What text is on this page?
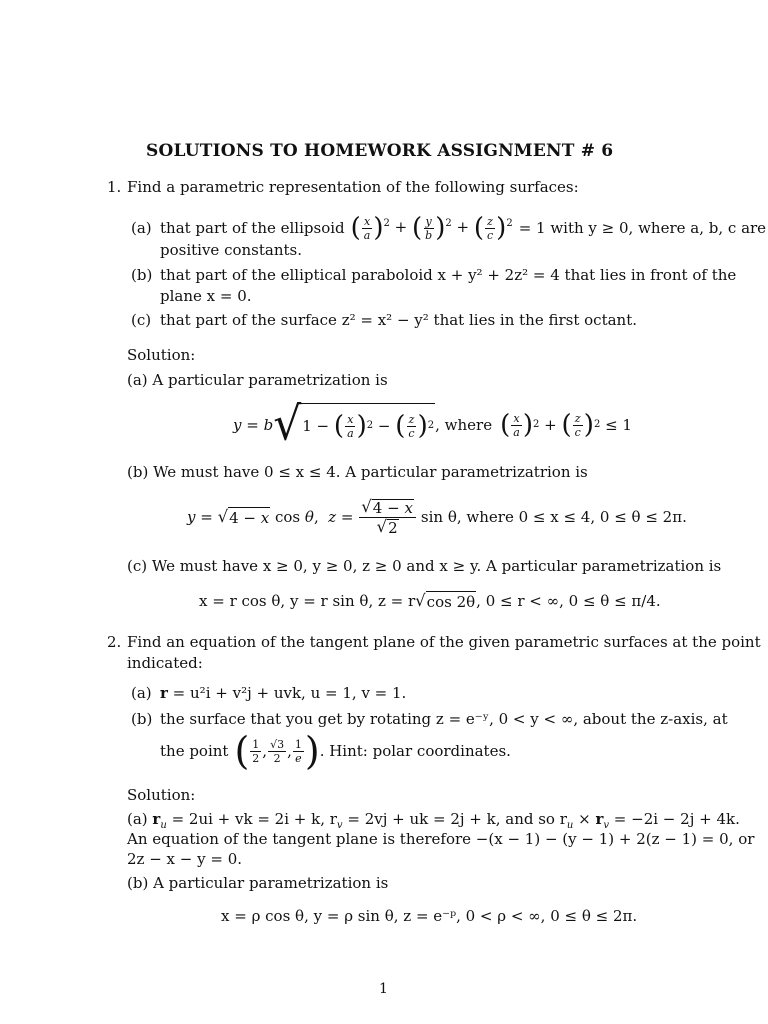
SOLUTIONS TO HOMEWORK ASSIGNMENT # 6
1. Find a parametric representation of the following surfaces:
(a) that part of the ellipsoid ( $\frac{x}{a} )^2$ + ( $\frac{y}{b} )^2$ + ( $\frac{z}{c} )^2 = 1$ with y ≥ 0, where a, b, c are
positive constants.
(b) that part of the elliptical paraboloid x + y² + 2z² = 4 that lies in front of the
plane x = 0.
(c) that part of the surface z² = x² − y² that lies in the first octant.
Solution:
(a) A particular parametrization is
y = b √ 1 − ( $\frac{x}{a}$ ) 2 − ( $\frac{z}{c}$ ) 2 , where ( $\frac{x}{a}$ ) 2 + ( $\frac{z}{c}$ ) 2 ≤ 1
(b) We must have 0 ≤ x ≤ 4. A particular parametrizatrion is
y = √ 4 − x cos θ,  $z = \frac{√ 4 - x}{√ 2}$ sin θ, where 0 ≤ x ≤ 4, 0 ≤ θ ≤ 2π.
(c) We must have x ≥ 0, y ≥ 0, z ≥ 0 and x ≥ y. A particular parametrization is
x = r cos θ, y = r sin θ, z = r √ cos 2θ , 0 ≤ r < ∞, 0 ≤ θ ≤ π/4.
2. Find an equation of the tangent plane of the given parametric surfaces at the point
indicated:
(a) r = u²i + v²j + uvk, u = 1, v = 1.
(b) the surface that you get by rotating z = e⁻ʸ, 0 < y < ∞, about the z-axis, at
the point ( $\frac{1}{2}$ , $\frac{√3}{2}$ , $\frac{1}{e}$ ) . Hint: polar coordinates.
Solution:
(a) $r_u = 2ui$ + vk = 2i + k, $r_v = 2vj$ + uk = 2j + k, and so $r_u \times r_v = -2i - 2j + 4k$.
An equation of the tangent plane is therefore −(x − 1) − (y − 1) + 2(z − 1) = 0, or
2z − x − y = 0.
(b) A particular parametrization is
x = ρ cos θ, y = ρ sin θ, z = e⁻ᵖ, 0 < ρ < ∞, 0 ≤ θ ≤ 2π.
1
